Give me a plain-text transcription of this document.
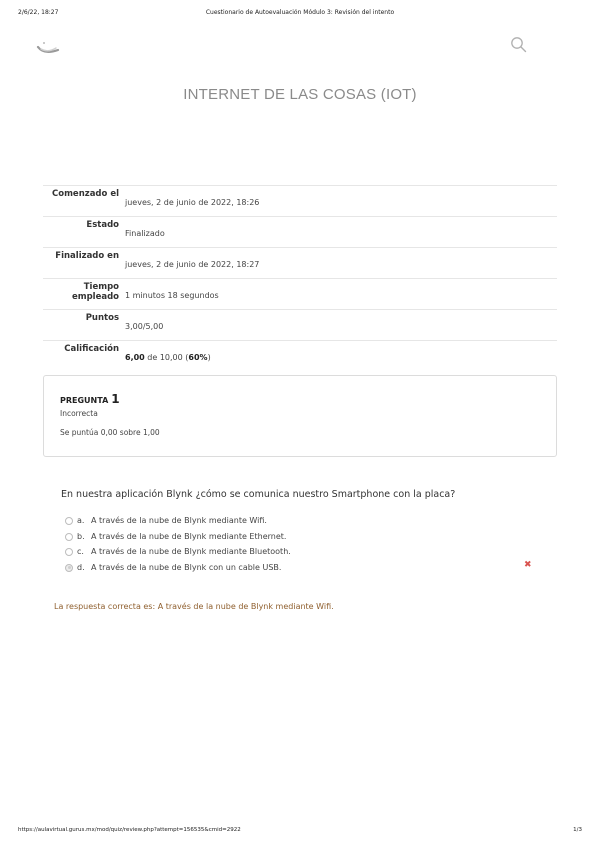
2/6/22, 18:27	Cuestionario de Autoevaluación Módulo 3: Revisión del intento
INTERNET DE LAS COSAS (IOT)
Comenzado el
jueves, 2 de junio de 2022, 18:26
Estado
Finalizado
Finalizado en
jueves, 2 de junio de 2022, 18:27
Tiempo empleado 1 minutos 18 segundos
Puntos
3,00/5,00
Calificación
6,00 de 10,00 (60%)
PREGUNTA 1
Incorrecta
Se puntúa 0,00 sobre 1,00
En nuestra aplicación Blynk ¿cómo se comunica nuestro Smartphone con la placa?
a. A través de la nube de Blynk mediante Wifi.
b. A través de la nube de Blynk mediante Ethernet.
c. A través de la nube de Blynk mediante Bluetooth.
d. A través de la nube de Blynk con un cable USB.	✖
La respuesta correcta es: A través de la nube de Blynk mediante Wifi.
https://aulavirtual.gurus.mx/mod/quiz/review.php?attempt=156535&cmid=2922	1/3
